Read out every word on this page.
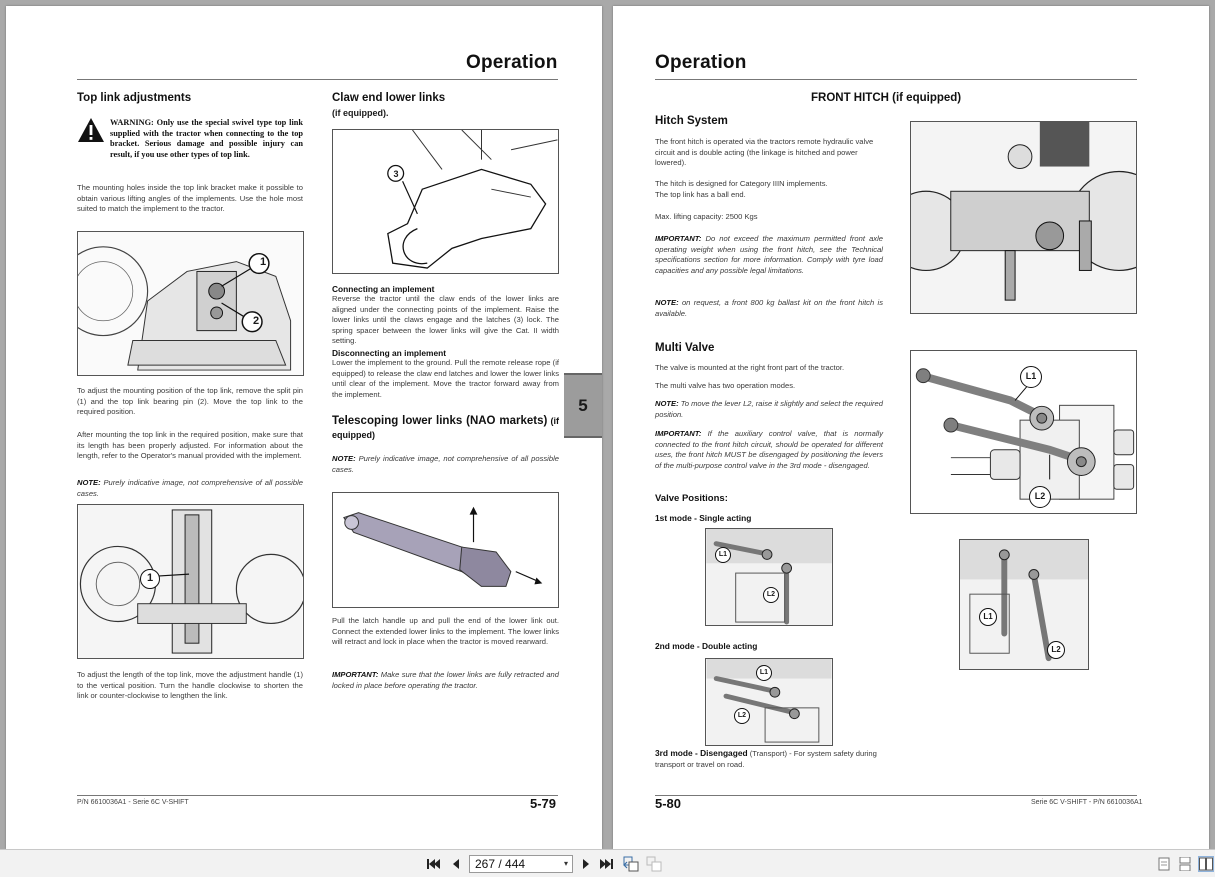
Operation
Top link adjustments
WARNING: Only use the special swivel type top link supplied with the tractor when connecting to the top bracket. Serious damage and possible injury can result, if you use other types of top link.
The mounting holes inside the top link bracket make it possible to obtain various lifting angles of the implements. Use the hole most suited to match the implement to the tractor.
1
2
To adjust the mounting position of the top link, remove the split pin (1) and the top link bearing pin (2). Move the top link to the required position.
After mounting the top link in the required position, make sure that its length has been properly adjusted. For information about the length, refer to the Operator's manual provided with the implement.
NOTE: Purely indicative image, not comprehensive of all possible cases.
1
To adjust the length of the top link, move the adjustment handle (1) to the vertical position. Turn the handle clockwise to shorten the link or counter-clockwise to lengthen the link.
Claw end lower links
(if equipped).
3
Connecting an implement
Reverse the tractor until the claw ends of the lower links are aligned under the connecting points of the implement. Raise the lower links until the claws engage and the latches (3) lock. The spring spacer between the lower links will give the Cat. II width setting.
Disconnecting an implement
Lower the implement to the ground. Pull the remote release rope (if equipped) to release the claw end latches and lower the lower links until clear of the implement. Move the tractor forward away from the implement.
Telescoping lower links (NAO markets) (if equipped)
NOTE: Purely indicative image, not comprehensive of all possible cases.
Pull the latch handle up and pull the end of the lower link out. Connect the extended lower links to the implement. The lower links will retract and lock in place when the tractor is moved rearward.
IMPORTANT: Make sure that the lower links are fully retracted and locked in place before operating the tractor.
P/N 6610036A1 - Serie 6C V-SHIFT	5-79
5
Operation
FRONT HITCH (if equipped)
Hitch System
The front hitch is operated via the tractors remote hydraulic valve circuit and is double acting (the linkage is hitched and power lowered).
The hitch is designed for Category IIIN implements.
The top link has a ball end.
Max. lifting capacity: 2500 Kgs
IMPORTANT: Do not exceed the maximum permitted front axle operating weight when using the front hitch, see the Technical specifications section for more information. Comply with tyre load capacities and any possible legal limitations.
NOTE: on request, a front 800 kg ballast kit on the front hitch is available.
Multi Valve
The valve is mounted at the right front part of the tractor.
The multi valve has two operation modes.
NOTE: To move the lever L2, raise it slightly and select the required position.
IMPORTANT: If the auxiliary control valve, that is normally connected to the front hitch circuit, should be operated for different uses, the front hitch MUST be disengaged by positioning the levers of the multi-purpose control valve in the 3rd mode - disengaged.
L1
L2
Valve Positions:
1st mode - Single acting
L1
L2
2nd mode - Double acting
L1
L2
3rd mode - Disengaged (Transport) - For system safety during transport or travel on road.
L1
L2
5-80	Serie 6C V-SHIFT - P/N 6610036A1
267 / 444	▾
